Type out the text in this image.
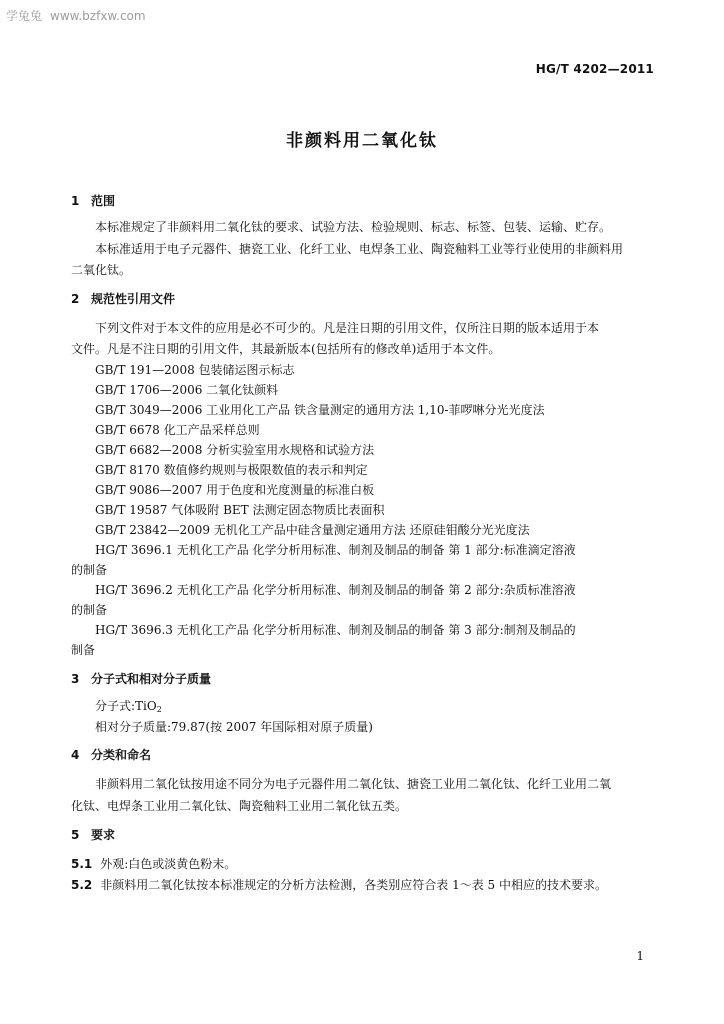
学兔兔 www.bzfxw.com
HG/T 4202—2011
非颜料用二氧化钛
1 范围
本标准规定了非颜料用二氧化钛的要求、试验方法、检验规则、标志、标签、包装、运输、贮存。
本标准适用于电子元器件、搪瓷工业、化纤工业、电焊条工业、陶瓷釉料工业等行业使用的非颜料用
二氧化钛。
2 规范性引用文件
下列文件对于本文件的应用是必不可少的。凡是注日期的引用文件，仅所注日期的版本适用于本
文件。凡是不注日期的引用文件，其最新版本(包括所有的修改单)适用于本文件。
GB/T 191—2008 包装储运图示标志
GB/T 1706—2006 二氧化钛颜料
GB/T 3049—2006 工业用化工产品 铁含量测定的通用方法 1,10-菲啰啉分光光度法
GB/T 6678 化工产品采样总则
GB/T 6682—2008 分析实验室用水规格和试验方法
GB/T 8170 数值修约规则与极限数值的表示和判定
GB/T 9086—2007 用于色度和光度测量的标准白板
GB/T 19587 气体吸附 BET 法测定固态物质比表面积
GB/T 23842—2009 无机化工产品中硅含量测定通用方法 还原硅钼酸分光光度法
HG/T 3696.1 无机化工产品 化学分析用标准、制剂及制品的制备 第 1 部分:标准滴定溶液
的制备
HG/T 3696.2 无机化工产品 化学分析用标准、制剂及制品的制备 第 2 部分:杂质标准溶液
的制备
HG/T 3696.3 无机化工产品 化学分析用标准、制剂及制品的制备 第 3 部分:制剂及制品的
制备
3 分子式和相对分子质量
分子式:TiO$_2$
相对分子质量:79.87(按 2007 年国际相对原子质量)
4 分类和命名
非颜料用二氧化钛按用途不同分为电子元器件用二氧化钛、搪瓷工业用二氧化钛、化纤工业用二氧
化钛、电焊条工业用二氧化钛、陶瓷釉料工业用二氧化钛五类。
5 要求
5.1 外观:白色或淡黄色粉末。
5.2 非颜料用二氧化钛按本标准规定的分析方法检测，各类别应符合表 1～表 5 中相应的技术要求。
1
